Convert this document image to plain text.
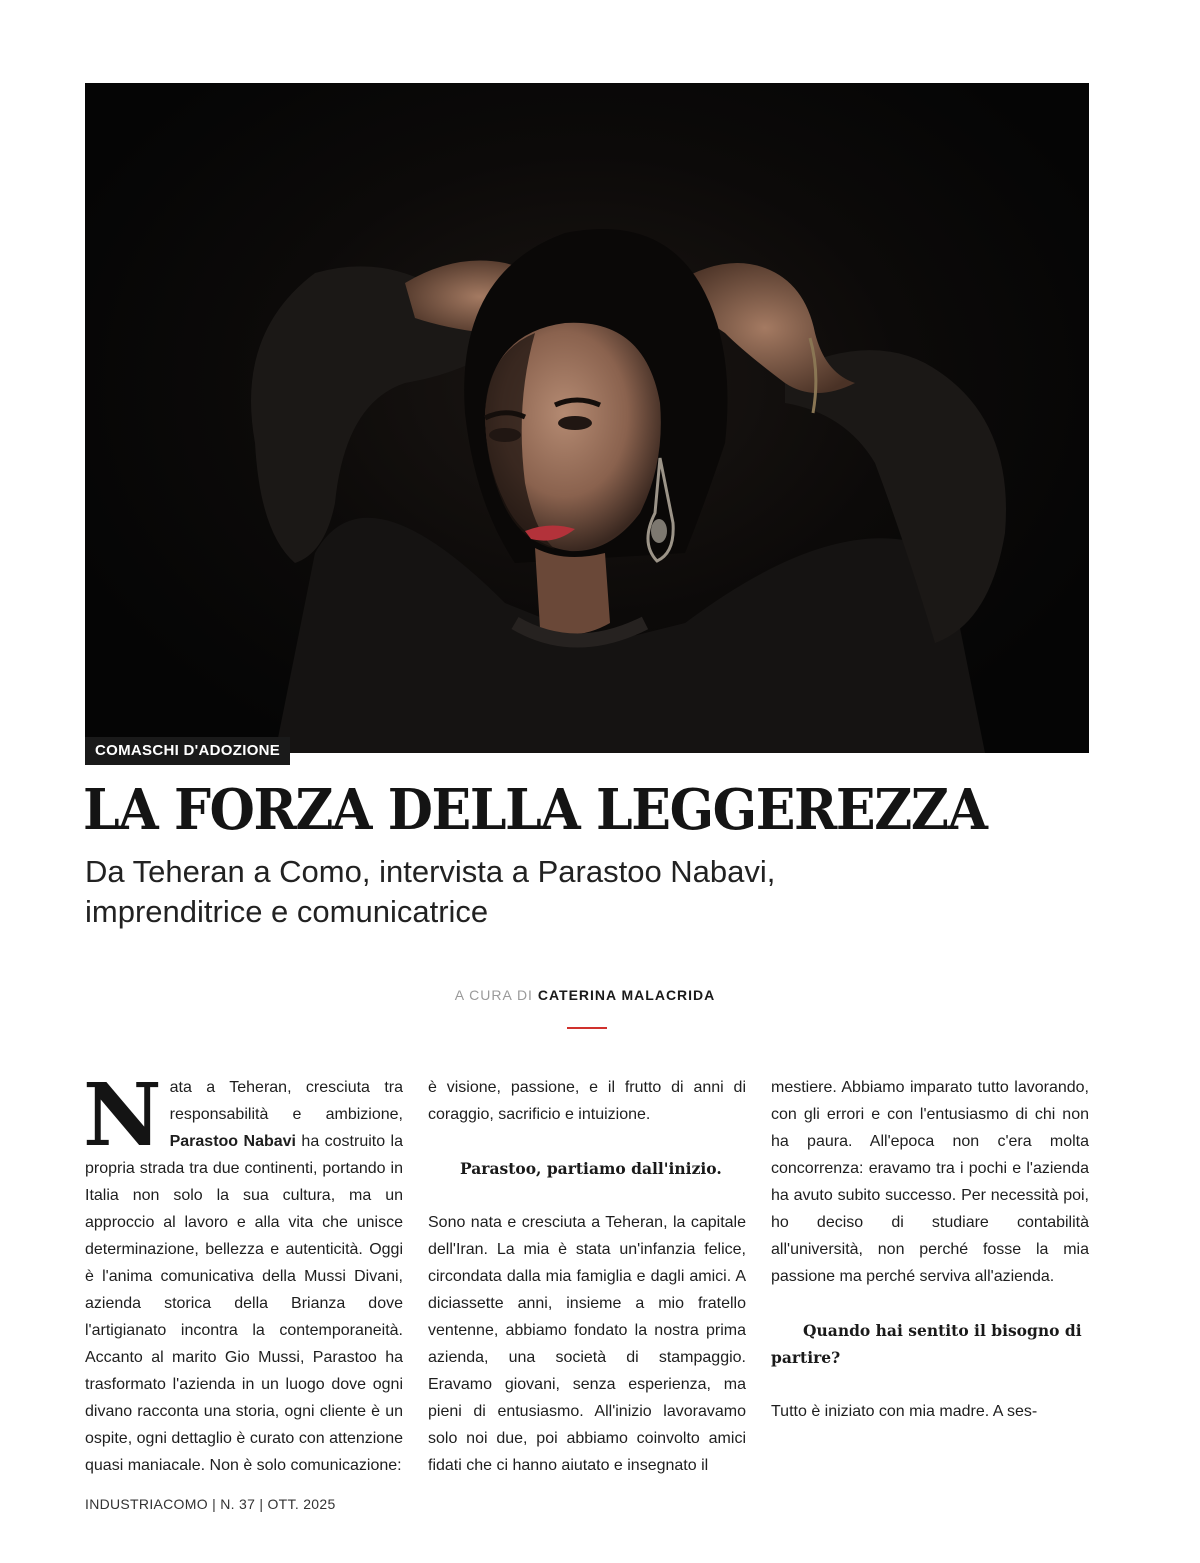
COMASCHI D'ADOZIONE
LA FORZA DELLA LEGGEREZZA
Da Teheran a Como, intervista a Parastoo Nabavi,
imprenditrice e comunicatrice
A CURA DI CATERINA MALACRIDA

Nata a Teheran, cresciuta tra responsabilità e ambizione, Parastoo Nabavi ha costruito la propria strada tra due continenti, portando in Italia non solo la sua cultura, ma un approccio al lavoro e alla vita che unisce determinazione, bellezza e autenticità. Oggi è l'anima comunicativa della Mussi Divani, azienda storica della Brianza dove l'artigianato incontra la contemporaneità. Accanto al marito Gio Mussi, Parastoo ha trasformato l'azienda in un luogo dove ogni divano racconta una storia, ogni cliente è un ospite, ogni dettaglio è curato con attenzione quasi maniacale. Non è solo comunicazione:

è visione, passione, e il frutto di anni di coraggio, sacrificio e intuizione.

Parastoo, partiamo dall'inizio.

Sono nata e cresciuta a Teheran, la capitale dell'Iran. La mia è stata un'infanzia felice, circondata dalla mia famiglia e dagli amici. A diciassette anni, insieme a mio fratello ventenne, abbiamo fondato la nostra prima azienda, una società di stampaggio. Eravamo giovani, senza esperienza, ma pieni di entusiasmo. All'inizio lavoravamo solo noi due, poi abbiamo coinvolto amici fidati che ci hanno aiutato e insegnato il

mestiere. Abbiamo imparato tutto lavorando, con gli errori e con l'entusiasmo di chi non ha paura. All'epoca non c'era molta concorrenza: eravamo tra i pochi e l'azienda ha avuto subito successo. Per necessità poi, ho deciso di studiare contabilità all'università, non perché fosse la mia passione ma perché serviva all'azienda.

Quando hai sentito il bisogno di partire?

Tutto è iniziato con mia madre. A ses-

INDUSTRIACOMO | N. 37 | OTT. 2025
